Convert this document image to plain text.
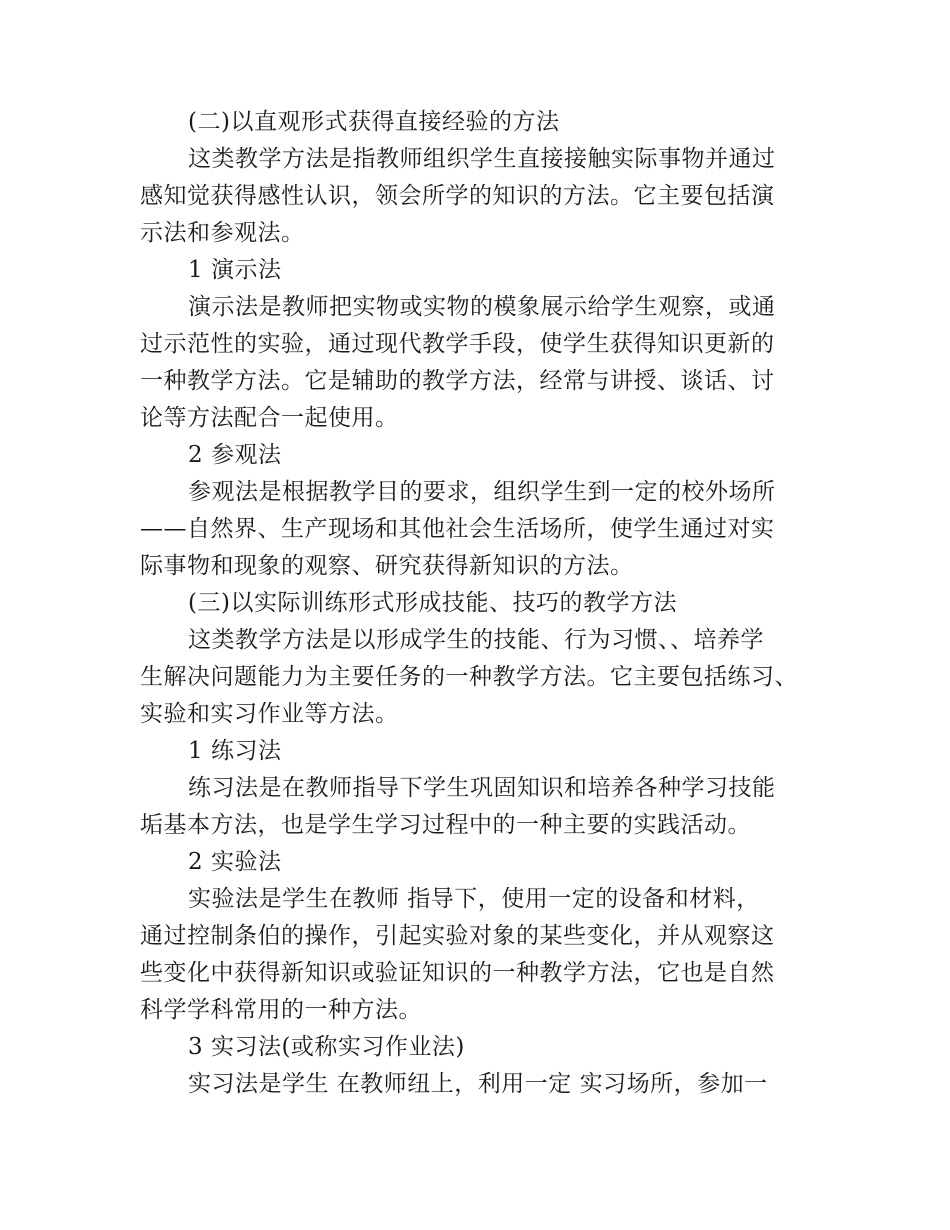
(二)以直观形式获得直接经验的方法
这类教学方法是指教师组织学生直接接触实际事物并通过
感知觉获得感性认识，领会所学的知识的方法。它主要包括演
示法和参观法。
1 演示法
演示法是教师把实物或实物的模象展示给学生观察，或通
过示范性的实验，通过现代教学手段，使学生获得知识更新的
一种教学方法。它是辅助的教学方法，经常与讲授、谈话、讨
论等方法配合一起使用。
2 参观法
参观法是根据教学目的要求，组织学生到一定的校外场所
——自然界、生产现场和其他社会生活场所，使学生通过对实
际事物和现象的观察、研究获得新知识的方法。
(三)以实际训练形式形成技能、技巧的教学方法
这类教学方法是以形成学生的技能、行为习惯、、培养学
生解决问题能力为主要任务的一种教学方法。它主要包括练习、
实验和实习作业等方法。
1 练习法
练习法是在教师指导下学生巩固知识和培养各种学习技能
垢基本方法，也是学生学习过程中的一种主要的实践活动。
2 实验法
实验法是学生在教师 指导下，使用一定的设备和材料，
通过控制条伯的操作，引起实验对象的某些变化，并从观察这
些变化中获得新知识或验证知识的一种教学方法，它也是自然
科学学科常用的一种方法。
3 实习法(或称实习作业法)
实习法是学生 在教师纽上，利用一定 实习场所，参加一
